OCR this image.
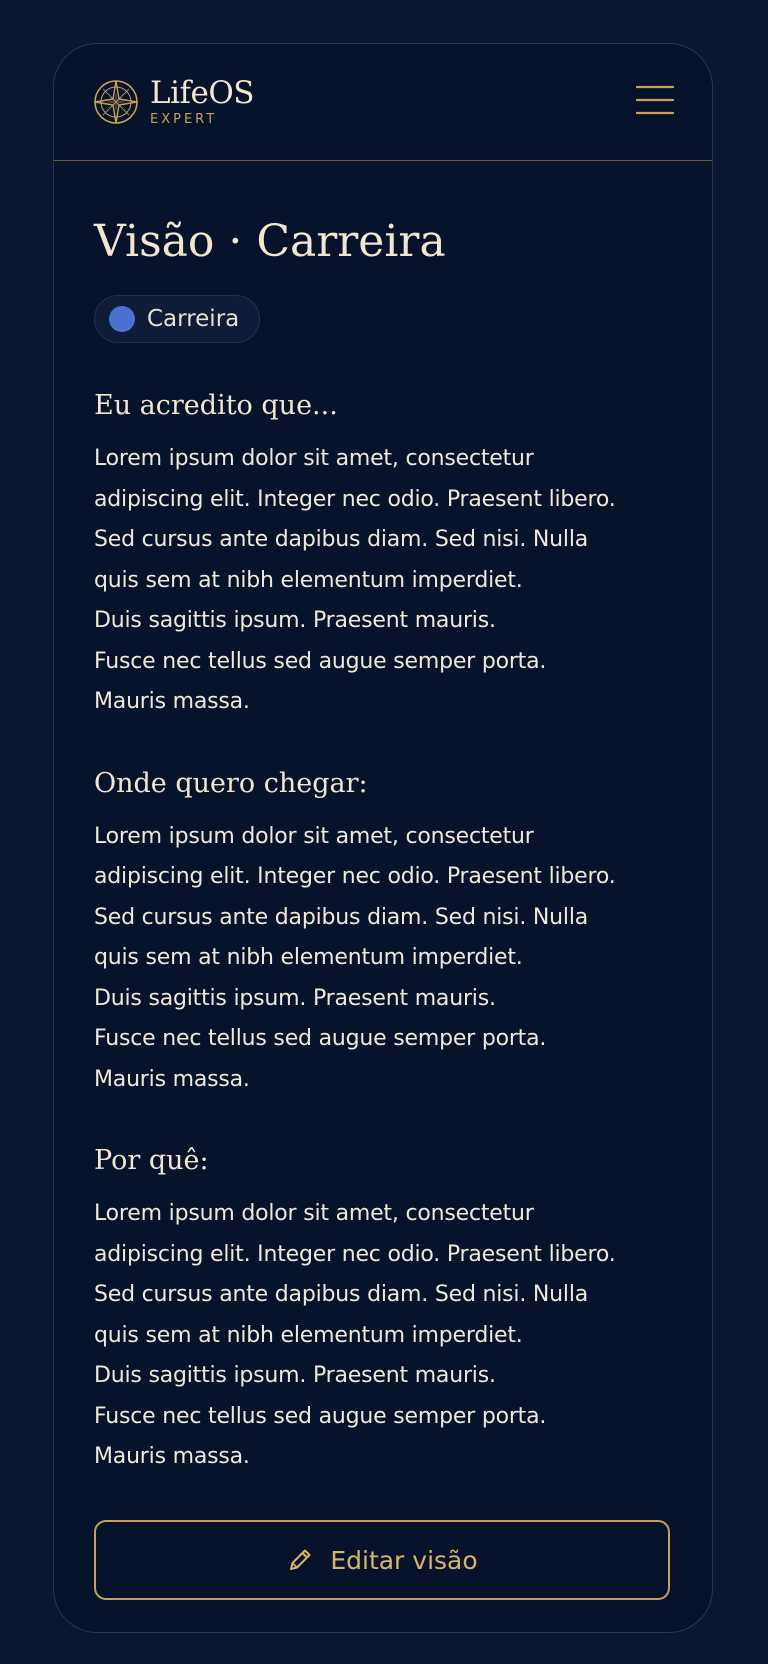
LifeOS
EXPERT
Visão · Carreira
Carreira
Eu acredito que...

Lorem ipsum dolor sit amet, consectetur

adipiscing elit. Integer nec odio. Praesent libero.

Sed cursus ante dapibus diam. Sed nisi. Nulla

quis sem at nibh elementum imperdiet.

Duis sagittis ipsum. Praesent mauris.

Fusce nec tellus sed augue semper porta.

Mauris massa.

Onde quero chegar:

Lorem ipsum dolor sit amet, consectetur

adipiscing elit. Integer nec odio. Praesent libero.

Sed cursus ante dapibus diam. Sed nisi. Nulla

quis sem at nibh elementum imperdiet.

Duis sagittis ipsum. Praesent mauris.

Fusce nec tellus sed augue semper porta.

Mauris massa.

Por quê:

Lorem ipsum dolor sit amet, consectetur

adipiscing elit. Integer nec odio. Praesent libero.

Sed cursus ante dapibus diam. Sed nisi. Nulla

quis sem at nibh elementum imperdiet.

Duis sagittis ipsum. Praesent mauris.

Fusce nec tellus sed augue semper porta.

Mauris massa.

Editar visão
